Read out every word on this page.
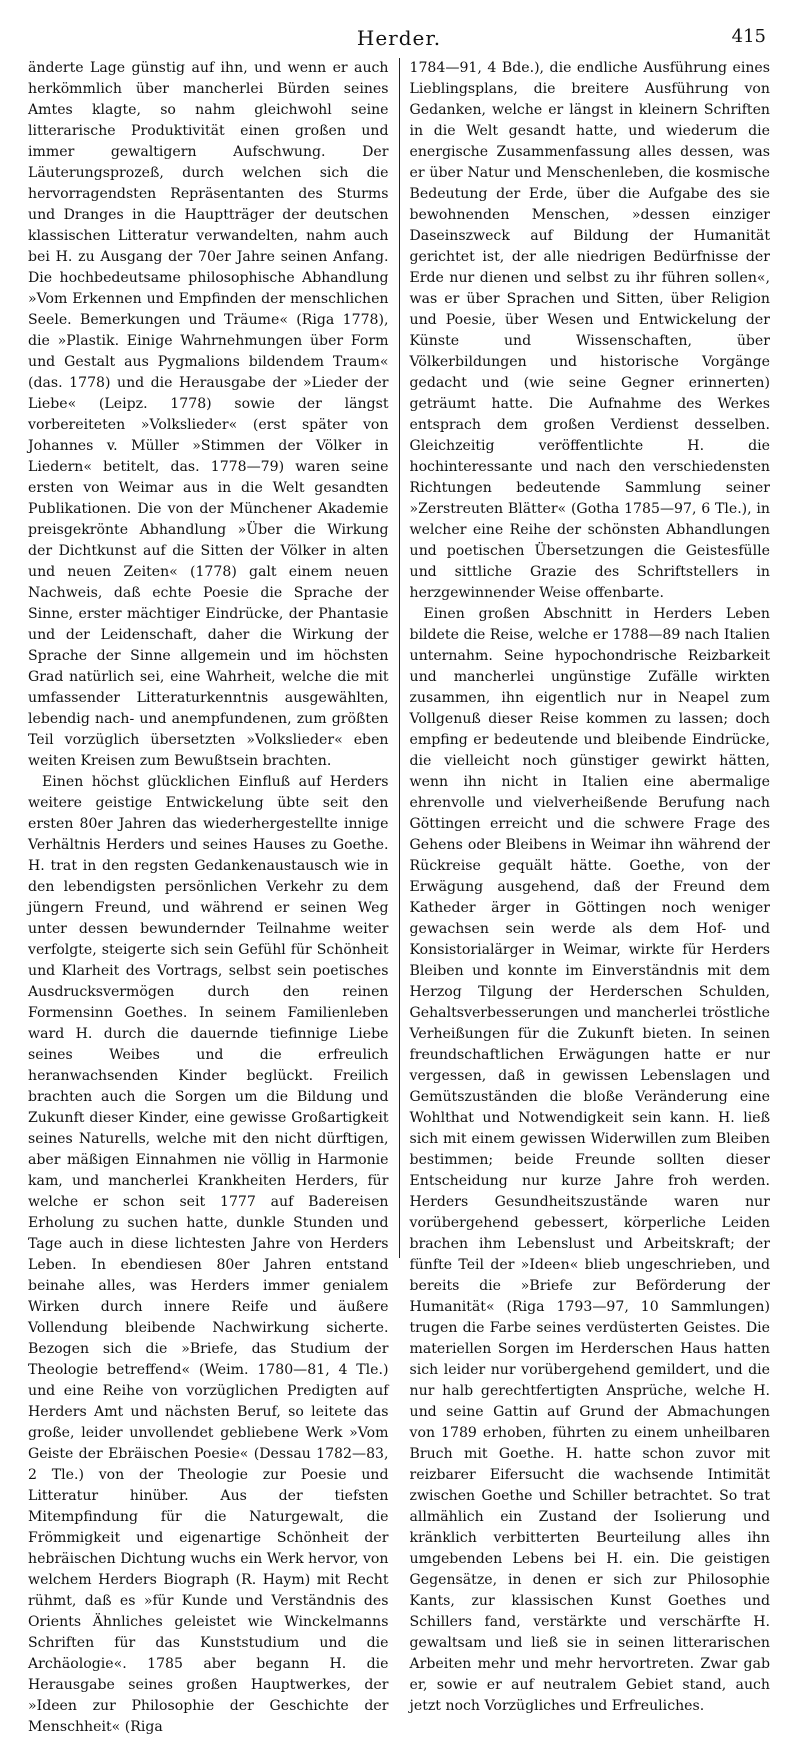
Herder.	415

änderte Lage günstig auf ihn, und wenn er auch herkömmlich über mancherlei Bürden seines Amtes klagte, so nahm gleichwohl seine litterarische Produktivität einen großen und immer gewaltigern Aufschwung. Der Läuterungsprozeß, durch welchen sich die hervorragendsten Repräsentanten des Sturms und Dranges in die Hauptträger der deutschen klassischen Litteratur verwandelten, nahm auch bei H. zu Ausgang der 70er Jahre seinen Anfang. Die hochbedeutsame philosophische Abhandlung »Vom Erkennen und Empfinden der menschlichen Seele. Bemerkungen und Träume« (Riga 1778), die »Plastik. Einige Wahrnehmungen über Form und Gestalt aus Pygmalions bildendem Traum« (das. 1778) und die Herausgabe der »Lieder der Liebe« (Leipz. 1778) sowie der längst vorbereiteten »Volkslieder« (erst später von Johannes v. Müller »Stimmen der Völker in Liedern« betitelt, das. 1778—79) waren seine ersten von Weimar aus in die Welt gesandten Publikationen. Die von der Münchener Akademie preisgekrönte Abhandlung »Über die Wirkung der Dichtkunst auf die Sitten der Völker in alten und neuen Zeiten« (1778) galt einem neuen Nachweis, daß echte Poesie die Sprache der Sinne, erster mächtiger Eindrücke, der Phantasie und der Leidenschaft, daher die Wirkung der Sprache der Sinne allgemein und im höchsten Grad natürlich sei, eine Wahrheit, welche die mit umfassender Litteraturkenntnis ausgewählten, lebendig nach- und anempfundenen, zum größten Teil vorzüglich übersetzten »Volkslieder« eben weiten Kreisen zum Bewußtsein brachten.

Einen höchst glücklichen Einfluß auf Herders weitere geistige Entwickelung übte seit den ersten 80er Jahren das wiederhergestellte innige Verhältnis Herders und seines Hauses zu Goethe. H. trat in den regsten Gedankenaustausch wie in den lebendigsten persönlichen Verkehr zu dem jüngern Freund, und während er seinen Weg unter dessen bewundernder Teilnahme weiter verfolgte, steigerte sich sein Gefühl für Schönheit und Klarheit des Vortrags, selbst sein poetisches Ausdrucksvermögen durch den reinen Formensinn Goethes. In seinem Familienleben ward H. durch die dauernde tiefinnige Liebe seines Weibes und die erfreulich heranwachsenden Kinder beglückt. Freilich brachten auch die Sorgen um die Bildung und Zukunft dieser Kinder, eine gewisse Großartigkeit seines Naturells, welche mit den nicht dürftigen, aber mäßigen Einnahmen nie völlig in Harmonie kam, und mancherlei Krankheiten Herders, für welche er schon seit 1777 auf Badereisen Erholung zu suchen hatte, dunkle Stunden und Tage auch in diese lichtesten Jahre von Herders Leben. In ebendiesen 80er Jahren entstand beinahe alles, was Herders immer genialem Wirken durch innere Reife und äußere Vollendung bleibende Nachwirkung sicherte. Bezogen sich die »Briefe, das Studium der Theologie betreffend« (Weim. 1780—81, 4 Tle.) und eine Reihe von vorzüglichen Predigten auf Herders Amt und nächsten Beruf, so leitete das große, leider unvollendet gebliebene Werk »Vom Geiste der Ebräischen Poesie« (Dessau 1782—83, 2 Tle.) von der Theologie zur Poesie und Litteratur hinüber. Aus der tiefsten Mitempfindung für die Naturgewalt, die Frömmigkeit und eigenartige Schönheit der hebräischen Dichtung wuchs ein Werk hervor, von welchem Herders Biograph (R. Haym) mit Recht rühmt, daß es »für Kunde und Verständnis des Orients Ähnliches geleistet wie Winckelmanns Schriften für das Kunststudium und die Archäologie«. 1785 aber begann H. die Herausgabe seines großen Hauptwerkes, der »Ideen zur Philosophie der Geschichte der Menschheit« (Riga

1784—91, 4 Bde.), die endliche Ausführung eines Lieblingsplans, die breitere Ausführung von Gedanken, welche er längst in kleinern Schriften in die Welt gesandt hatte, und wiederum die energische Zusammenfassung alles dessen, was er über Natur und Menschenleben, die kosmische Bedeutung der Erde, über die Aufgabe des sie bewohnenden Menschen, »dessen einziger Daseinszweck auf Bildung der Humanität gerichtet ist, der alle niedrigen Bedürfnisse der Erde nur dienen und selbst zu ihr führen sollen«, was er über Sprachen und Sitten, über Religion und Poesie, über Wesen und Entwickelung der Künste und Wissenschaften, über Völkerbildungen und historische Vorgänge gedacht und (wie seine Gegner erinnerten) geträumt hatte. Die Aufnahme des Werkes entsprach dem großen Verdienst desselben. Gleichzeitig veröffentlichte H. die hochinteressante und nach den verschiedensten Richtungen bedeutende Sammlung seiner »Zerstreuten Blätter« (Gotha 1785—97, 6 Tle.), in welcher eine Reihe der schönsten Abhandlungen und poetischen Übersetzungen die Geistesfülle und sittliche Grazie des Schriftstellers in herzgewinnender Weise offenbarte.

Einen großen Abschnitt in Herders Leben bildete die Reise, welche er 1788—89 nach Italien unternahm. Seine hypochondrische Reizbarkeit und mancherlei ungünstige Zufälle wirkten zusammen, ihn eigentlich nur in Neapel zum Vollgenuß dieser Reise kommen zu lassen; doch empfing er bedeutende und bleibende Eindrücke, die vielleicht noch günstiger gewirkt hätten, wenn ihn nicht in Italien eine abermalige ehrenvolle und vielverheißende Berufung nach Göttingen erreicht und die schwere Frage des Gehens oder Bleibens in Weimar ihn während der Rückreise gequält hätte. Goethe, von der Erwägung ausgehend, daß der Freund dem Katheder ärger in Göttingen noch weniger gewachsen sein werde als dem Hof- und Konsistorialärger in Weimar, wirkte für Herders Bleiben und konnte im Einverständnis mit dem Herzog Tilgung der Herderschen Schulden, Gehaltsverbesserungen und mancherlei tröstliche Verheißungen für die Zukunft bieten. In seinen freundschaftlichen Erwägungen hatte er nur vergessen, daß in gewissen Lebenslagen und Gemütszuständen die bloße Veränderung eine Wohlthat und Notwendigkeit sein kann. H. ließ sich mit einem gewissen Widerwillen zum Bleiben bestimmen; beide Freunde sollten dieser Entscheidung nur kurze Jahre froh werden. Herders Gesundheitszustände waren nur vorübergehend gebessert, körperliche Leiden brachen ihm Lebenslust und Arbeitskraft; der fünfte Teil der »Ideen« blieb ungeschrieben, und bereits die »Briefe zur Beförderung der Humanität« (Riga 1793—97, 10 Sammlungen) trugen die Farbe seines verdüsterten Geistes. Die materiellen Sorgen im Herderschen Haus hatten sich leider nur vorübergehend gemildert, und die nur halb gerechtfertigten Ansprüche, welche H. und seine Gattin auf Grund der Abmachungen von 1789 erhoben, führten zu einem unheilbaren Bruch mit Goethe. H. hatte schon zuvor mit reizbarer Eifersucht die wachsende Intimität zwischen Goethe und Schiller betrachtet. So trat allmählich ein Zustand der Isolierung und kränklich verbitterten Beurteilung alles ihn umgebenden Lebens bei H. ein. Die geistigen Gegensätze, in denen er sich zur Philosophie Kants, zur klassischen Kunst Goethes und Schillers fand, verstärkte und verschärfte H. gewaltsam und ließ sie in seinen litterarischen Arbeiten mehr und mehr hervortreten. Zwar gab er, sowie er auf neutralem Gebiet stand, auch jetzt noch Vorzügliches und Erfreuliches.
